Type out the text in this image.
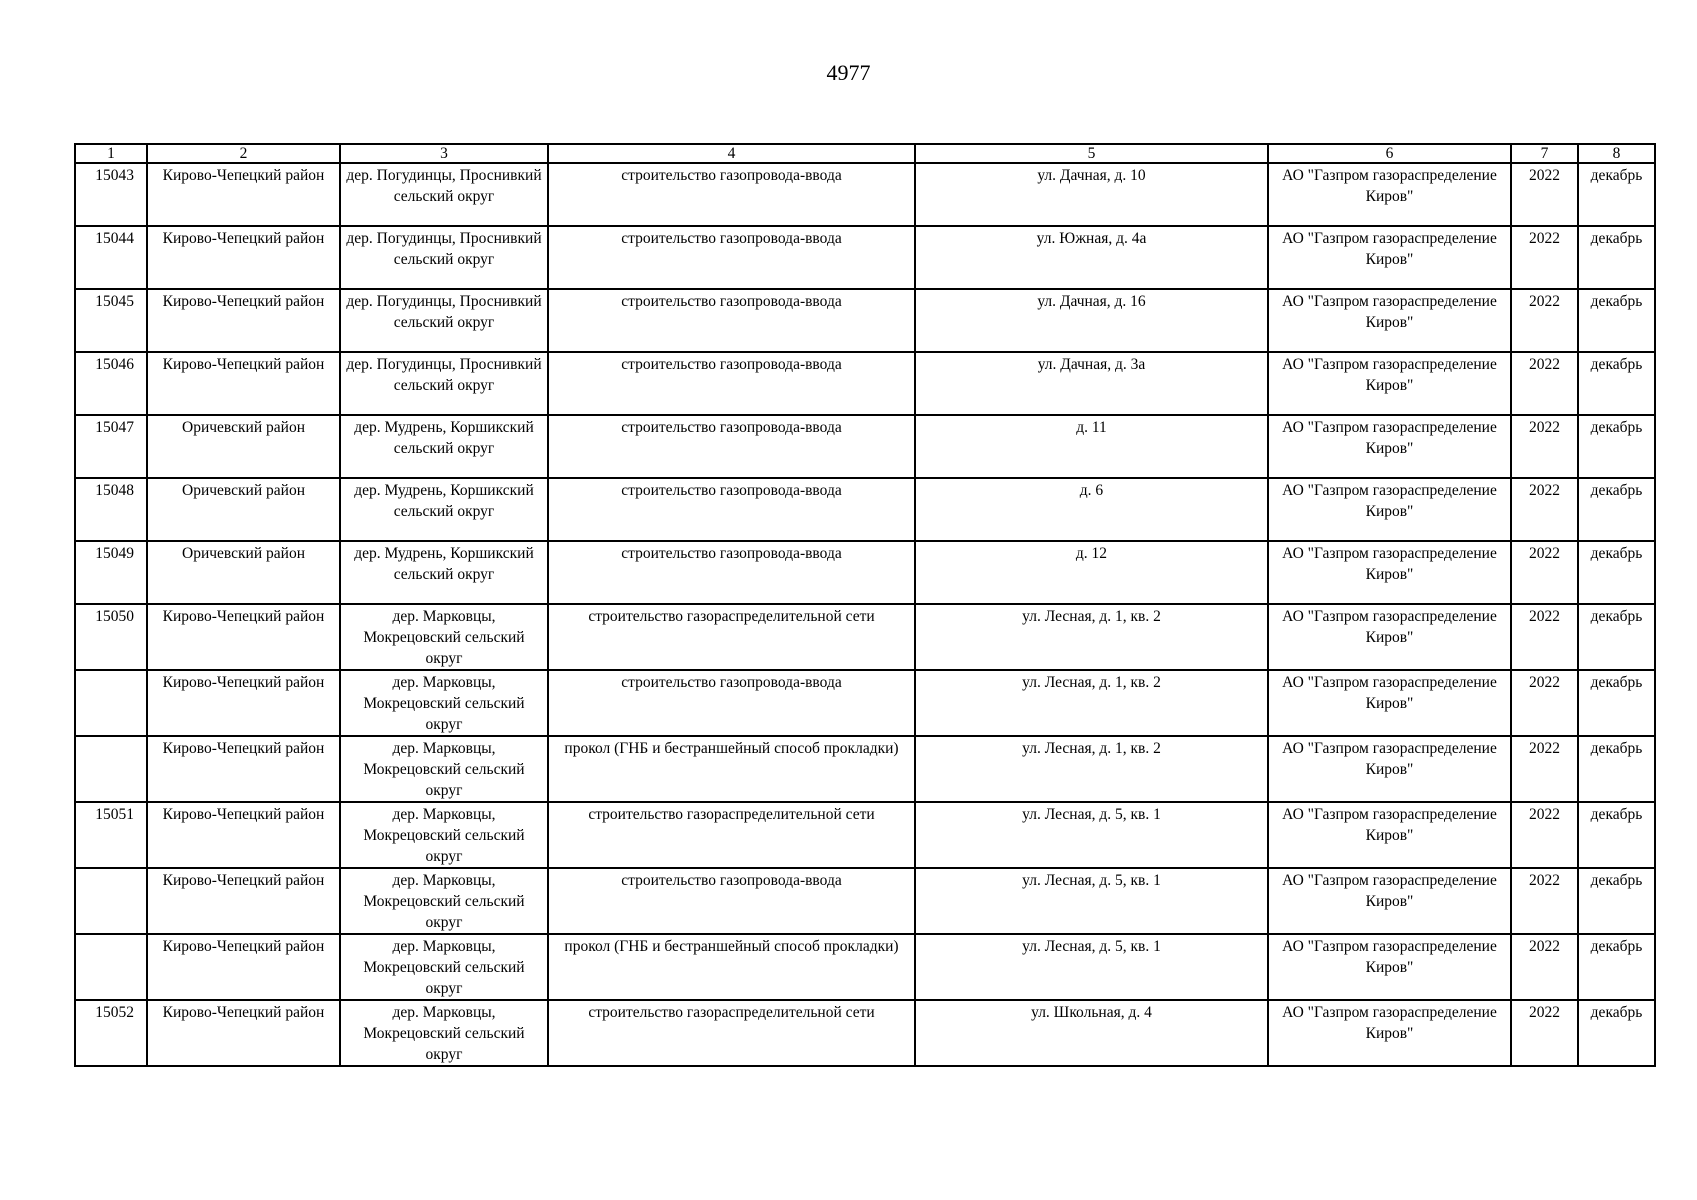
4977
1	2	3	4	5	6	7	8
15043	Кирово-Чепецкий район	дер. Погудинцы, Проснивкий сельский округ	строительство газопровода-ввода	ул. Дачная, д. 10	АО "Газпром газораспределение Киров"	2022	декабрь
15044	Кирово-Чепецкий район	дер. Погудинцы, Проснивкий сельский округ	строительство газопровода-ввода	ул. Южная, д. 4а	АО "Газпром газораспределение Киров"	2022	декабрь
15045	Кирово-Чепецкий район	дер. Погудинцы, Проснивкий сельский округ	строительство газопровода-ввода	ул. Дачная, д. 16	АО "Газпром газораспределение Киров"	2022	декабрь
15046	Кирово-Чепецкий район	дер. Погудинцы, Проснивкий сельский округ	строительство газопровода-ввода	ул. Дачная, д. 3а	АО "Газпром газораспределение Киров"	2022	декабрь
15047	Оричевский район	дер. Мудрень, Коршикский сельский округ	строительство газопровода-ввода	д. 11	АО "Газпром газораспределение Киров"	2022	декабрь
15048	Оричевский район	дер. Мудрень, Коршикский сельский округ	строительство газопровода-ввода	д. 6	АО "Газпром газораспределение Киров"	2022	декабрь
15049	Оричевский район	дер. Мудрень, Коршикский сельский округ	строительство газопровода-ввода	д. 12	АО "Газпром газораспределение Киров"	2022	декабрь
15050	Кирово-Чепецкий район	дер. Марковцы, Мокрецовский сельский округ	строительство газораспределительной сети	ул. Лесная, д. 1, кв. 2	АО "Газпром газораспределение Киров"	2022	декабрь
	Кирово-Чепецкий район	дер. Марковцы, Мокрецовский сельский округ	строительство газопровода-ввода	ул. Лесная, д. 1, кв. 2	АО "Газпром газораспределение Киров"	2022	декабрь
	Кирово-Чепецкий район	дер. Марковцы, Мокрецовский сельский округ	прокол (ГНБ и бестраншейный способ прокладки)	ул. Лесная, д. 1, кв. 2	АО "Газпром газораспределение Киров"	2022	декабрь
15051	Кирово-Чепецкий район	дер. Марковцы, Мокрецовский сельский округ	строительство газораспределительной сети	ул. Лесная, д. 5, кв. 1	АО "Газпром газораспределение Киров"	2022	декабрь
	Кирово-Чепецкий район	дер. Марковцы, Мокрецовский сельский округ	строительство газопровода-ввода	ул. Лесная, д. 5, кв. 1	АО "Газпром газораспределение Киров"	2022	декабрь
	Кирово-Чепецкий район	дер. Марковцы, Мокрецовский сельский округ	прокол (ГНБ и бестраншейный способ прокладки)	ул. Лесная, д. 5, кв. 1	АО "Газпром газораспределение Киров"	2022	декабрь
15052	Кирово-Чепецкий район	дер. Марковцы, Мокрецовский сельский округ	строительство газораспределительной сети	ул. Школьная, д. 4	АО "Газпром газораспределение Киров"	2022	декабрь
